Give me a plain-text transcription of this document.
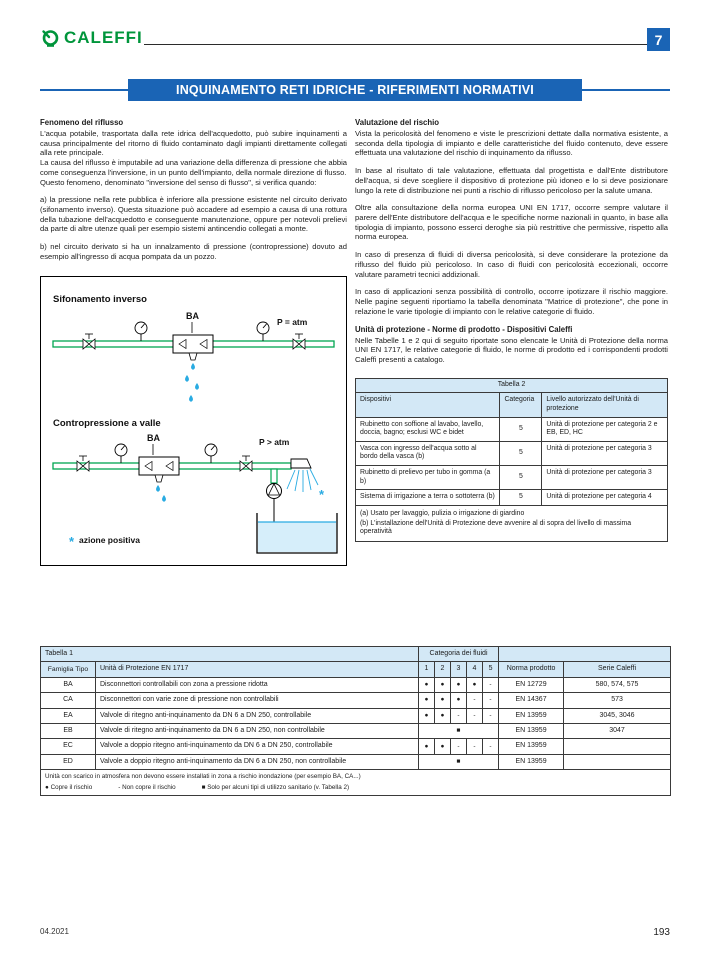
CALEFFI	7
INQUINAMENTO RETI IDRICHE - RIFERIMENTI NORMATIVI
Fenomeno del riflusso

L'acqua potabile, trasportata dalla rete idrica dell'acquedotto, può subire inquinamenti a causa principalmente del ritorno di fluido contaminato dagli impianti direttamente collegati alla rete principale.

La causa del riflusso è imputabile ad una variazione della differenza di pressione che abbia come conseguenza l'inversione, in un punto dell'impianto, della normale direzione di flusso.

Questo fenomeno, denominato "inversione del senso di flusso", si verifica quando:

a) la pressione nella rete pubblica è inferiore alla pressione esistente nel circuito derivato (sifonamento inverso). Questa situazione può accadere ad esempio a causa di una rottura della tubazione dell'acquedotto e conseguente manutenzione, oppure per notevoli prelievi da parte di altre utenze quali per esempio sistemi antincendio collegati a monte.

b) nel circuito derivato si ha un innalzamento di pressione (contropressione) dovuto ad esempio all'ingresso di acqua pompata da un pozzo.

Sifonamento inverso
BA
P = atm
Contropressione a valle
BA	P > atm
*
* azione positiva
Valutazione del rischio

Vista la pericolosità del fenomeno e viste le prescrizioni dettate dalla normativa esistente, a seconda della tipologia di impianto e delle caratteristiche del fluido contenuto, deve essere effettuata una valutazione del rischio di inquinamento da riflusso.

In base al risultato di tale valutazione, effettuata dal progettista e dall'Ente distributore dell'acqua, si deve scegliere il dispositivo di protezione più idoneo e lo si deve posizionare lungo la rete di distribuzione nei punti a rischio di riflusso pericoloso per la salute umana.

Oltre alla consultazione della norma europea UNI EN 1717, occorre sempre valutare il parere dell'Ente distributore dell'acqua e le specifiche norme nazionali in quanto, in base alla tipologia di impianto, possono esserci deroghe sia più restrittive che permissive, rispetto alla norma europea.

In caso di presenza di fluidi di diversa pericolosità, si deve considerare la protezione da riflusso del fluido più pericoloso. In caso di fluidi con pericolosità eccezionali, occorre valutare parametri tecnici addizionali.

In caso di applicazioni senza possibilità di controllo, occorre ipotizzare il rischio maggiore. Nelle pagine seguenti riportiamo la tabella denominata "Matrice di protezione", che pone in relazione le varie tipologie di impianto con le relative categorie di fluido.

Unità di protezione - Norme di prodotto - Dispositivi Caleffi

Nelle Tabelle 1 e 2 qui di seguito riportate sono elencate le Unità di Protezione della norma UNI EN 1717, le relative categorie di fluido, le norme di prodotto ed i corrispondenti prodotti Caleffi presenti a catalogo.

Tabella 2		
Dispositivi	Categoria	Livello autorizzato dell'Unità di protezione
Rubinetto con soffione al lavabo, lavello, doccia, bagno; esclusi WC e bidet	5	Unità di protezione per categoria 2 e EB, ED, HC
Vasca con ingresso dell'acqua sotto al bordo della vasca (b)	5	Unità di protezione per categoria 3
Rubinetto di prelievo per tubo in gomma (a b)	5	Unità di protezione per categoria 3
Sistema di irrigazione a terra o sottoterra (b)	5	Unità di protezione per categoria 4

(a) Usato per lavaggio, pulizia o irrigazione di giardino
(b) L'installazione dell'Unità di Protezione deve avvenire al di sopra del livello di massima operatività		
Tabella 1		Categoria dei fluidi						
Famiglia Tipo	Unità di Protezione EN 1717	1	2	3	4	5	Norma prodotto	Serie Caleffi
BA	Disconnettori controllabili con zona a pressione ridotta	●	●	●	●	-	EN 12729	580, 574, 575
CA	Disconnettori con varie zone di pressione non controllabili	●	●	●	-	-	EN 14367	573
EA	Valvole di ritegno anti-inquinamento da DN 6 a DN 250, controllabile	●	●	-	-	-	EN 13959	3045, 3046
EB	Valvole di ritegno anti-inquinamento da DN 6 a DN 250, non controllabile	■					EN 13959	3047
EC	Valvole a doppio ritegno anti-inquinamento da DN 6 a DN 250, controllabile	●	●	-	-	-	EN 13959	
ED	Valvole a doppio ritegno anti-inquinamento da DN 6 a DN 250, non controllabile	■					EN 13959	

Unità con scarico in atmosfera non devono essere installati in zona a rischio inondazione (per esempio BA, CA...)
● Copre il rischio - Non copre il rischio ■ Solo per alcuni tipi di utilizzo sanitario (v. Tabella 2)								
04.2021	193
